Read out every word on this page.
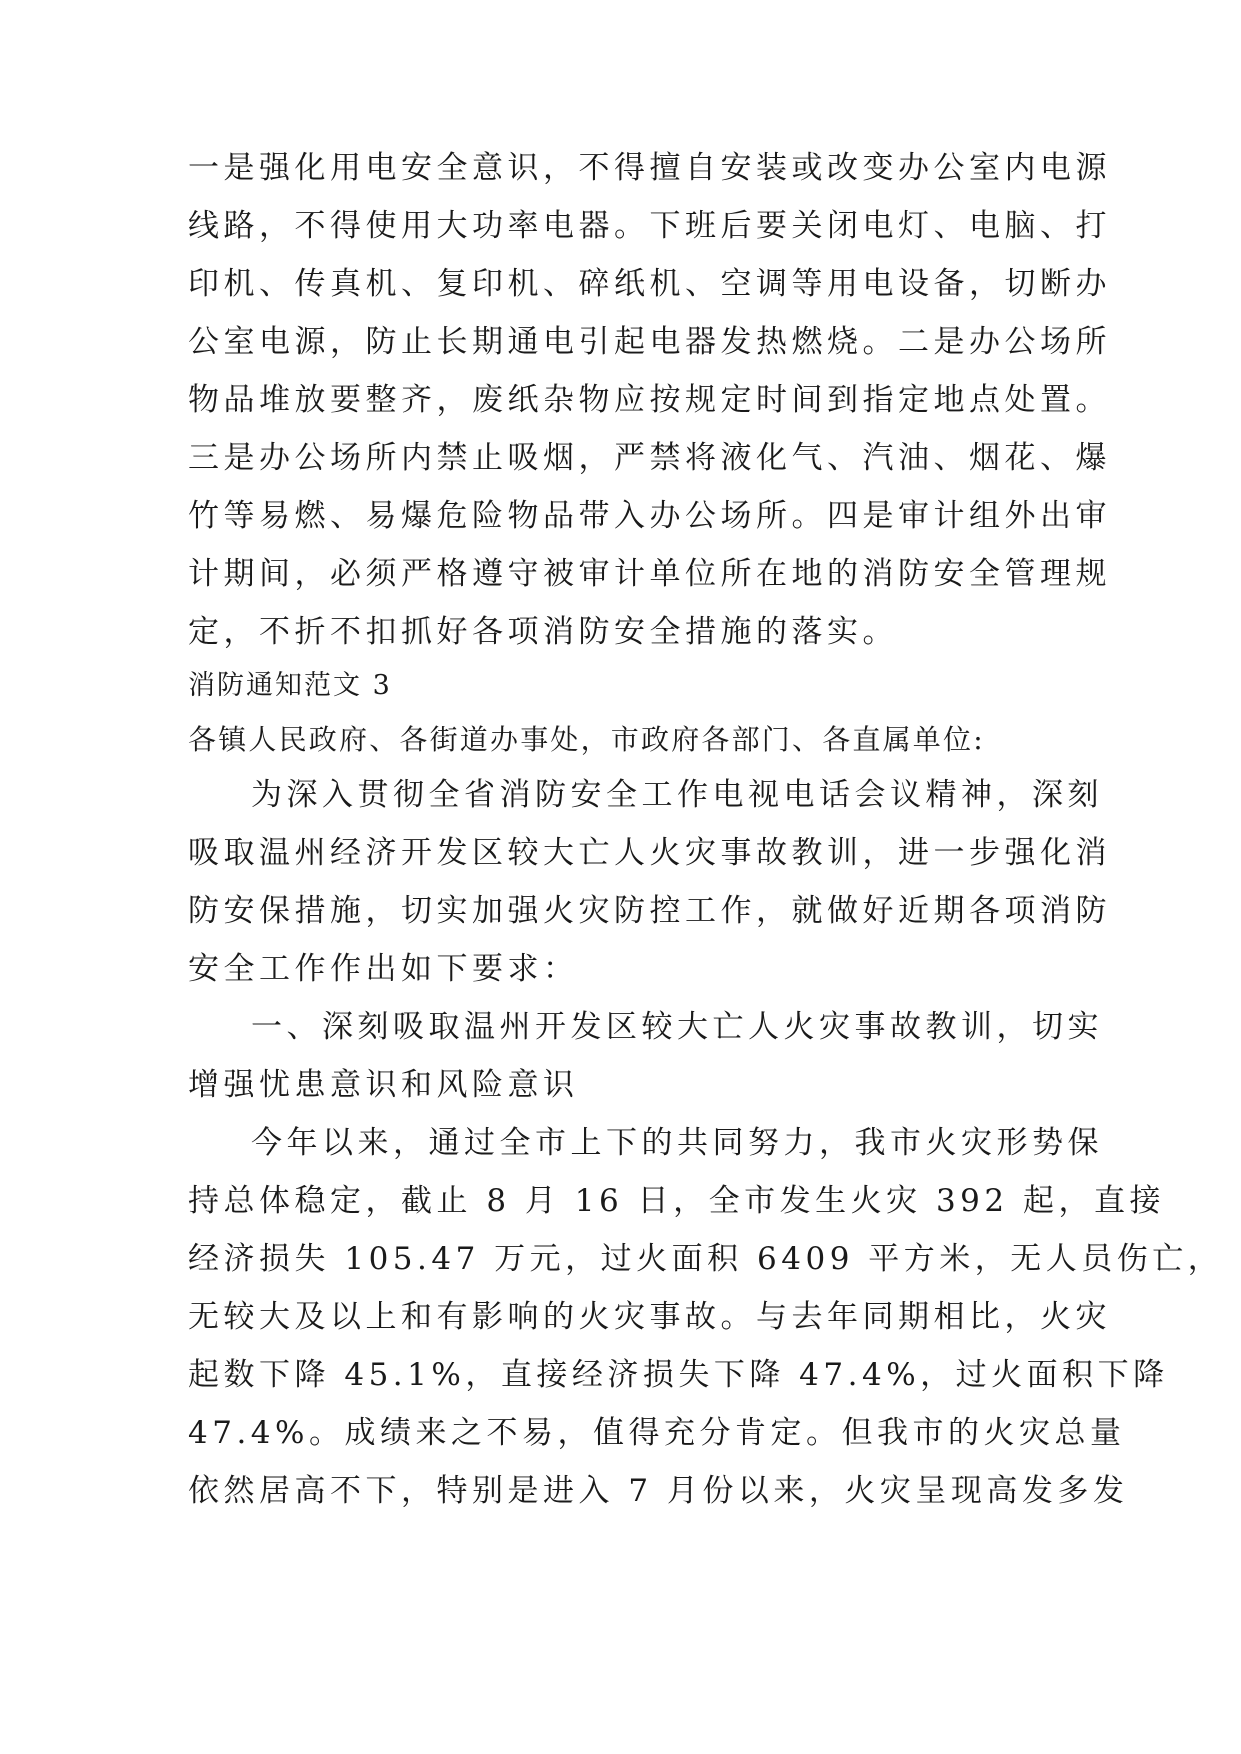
一是强化用电安全意识，不得擅自安装或改变办公室内电源
线路，不得使用大功率电器。下班后要关闭电灯、电脑、打
印机、传真机、复印机、碎纸机、空调等用电设备，切断办
公室电源，防止长期通电引起电器发热燃烧。二是办公场所
物品堆放要整齐，废纸杂物应按规定时间到指定地点处置。
三是办公场所内禁止吸烟，严禁将液化气、汽油、烟花、爆
竹等易燃、易爆危险物品带入办公场所。四是审计组外出审
计期间，必须严格遵守被审计单位所在地的消防安全管理规
定，不折不扣抓好各项消防安全措施的落实。
消防通知范文 3
各镇人民政府、各街道办事处，市政府各部门、各直属单位:
为深入贯彻全省消防安全工作电视电话会议精神，深刻
吸取温州经济开发区较大亡人火灾事故教训，进一步强化消
防安保措施，切实加强火灾防控工作，就做好近期各项消防
安全工作作出如下要求：
一、深刻吸取温州开发区较大亡人火灾事故教训，切实
增强忧患意识和风险意识
今年以来，通过全市上下的共同努力，我市火灾形势保
持总体稳定，截止 8 月 16 日，全市发生火灾 392 起，直接
经济损失 105.47 万元，过火面积 6409 平方米，无人员伤亡，
无较大及以上和有影响的火灾事故。与去年同期相比，火灾
起数下降 45.1%，直接经济损失下降 47.4%，过火面积下降
47.4%。成绩来之不易，值得充分肯定。但我市的火灾总量
依然居高不下，特别是进入 7 月份以来，火灾呈现高发多发
